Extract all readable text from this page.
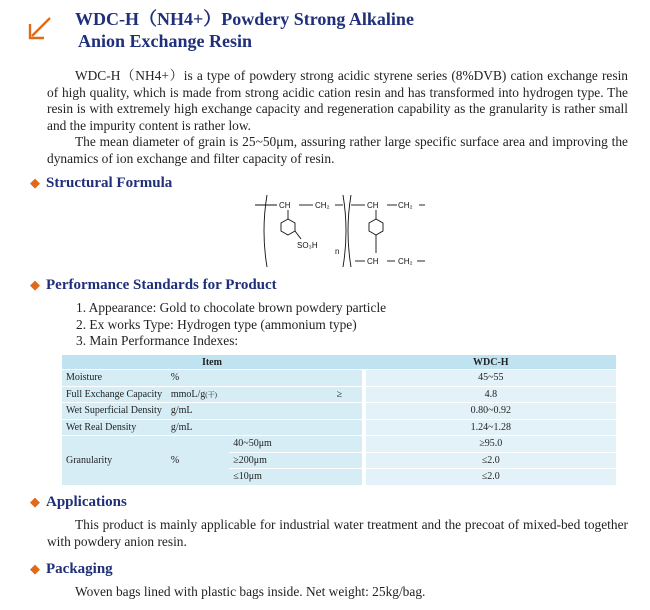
WDC-H（NH4+）Powdery Strong Alkaline
Anion Exchange Resin

WDC-H（NH4+）is a type of powdery strong acidic styrene series (8%DVB) cation exchange resin of high quality, which is made from strong acidic cation resin and has transformed into hydrogen type. The resin is with extremely high exchange capacity and regeneration capability as the granularity is rather small and the impurity content is rather low.

The mean diameter of grain is 25~50μm, assuring rather large specific surface area and improving the dynamics of ion exchange and filter capacity of resin.

◆ Structural Formula
CH	CH₂	CH CH₂
SO₃H
n
CH CH₂
◆ Performance Standards for Product
1. Appearance: Gold to chocolate brown powdery particle
2. Ex works Type: Hydrogen type (ammonium type)
3. Main Performance Indexes:
Item					WDC-H
Moisture	%				45~55
Full Exchange Capacity	mmoL/g(干)		≥		4.8
Wet Superficial Density	g/mL				0.80~0.92
Wet Real Density	g/mL				1.24~1.28
Granularity	%	40~50μm			≥95.0
		≥200μm			≤2.0
		≤10μm			≤2.0
◆ Applications

This product is mainly applicable for industrial water treatment and the precoat of mixed-bed together with powdery anion resin.

◆ Packaging

Woven bags lined with plastic bags inside. Net weight: 25kg/bag.
